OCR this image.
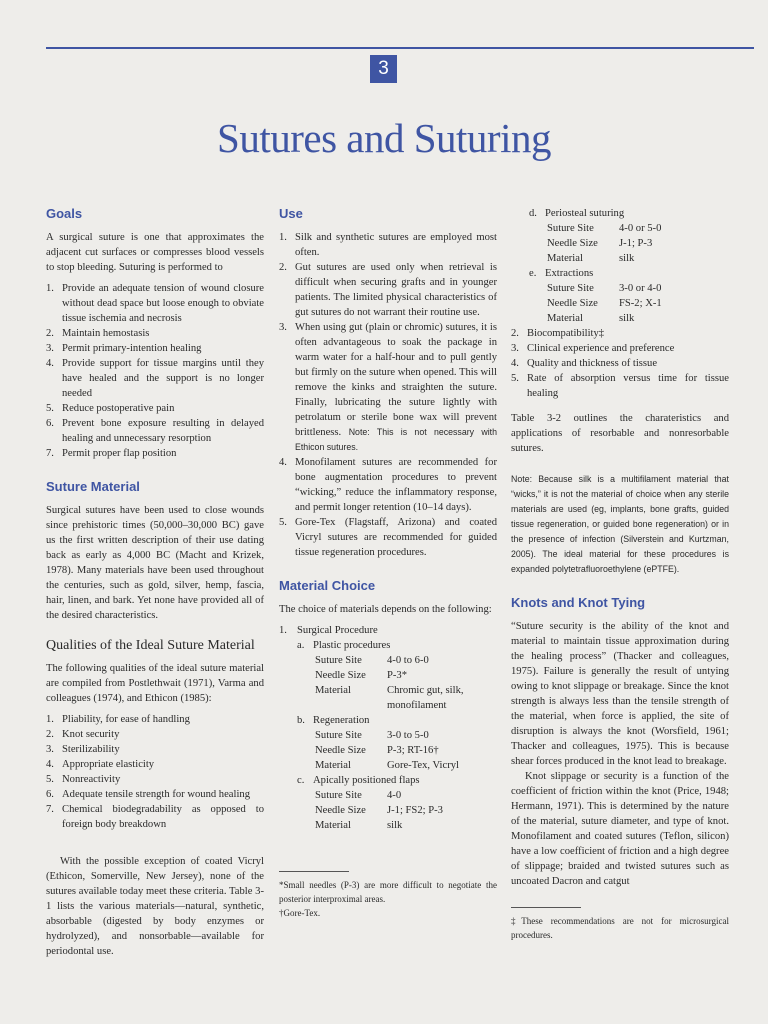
3
Sutures and Suturing
Goals

A surgical suture is one that approximates the adjacent cut surfaces or compresses blood vessels to stop bleeding. Suturing is performed to

1. Provide an adequate tension of wound closure without dead space but loose enough to obviate tissue ischemia and necrosis
2. Maintain hemostasis
3. Permit primary-intention healing
4. Provide support for tissue margins until they have healed and the support is no longer needed
5. Reduce postoperative pain
6. Prevent bone exposure resulting in delayed healing and unnecessary resorption
7. Permit proper flap position
Suture Material

Surgical sutures have been used to close wounds since prehistoric times (50,000–30,000 BC) gave us the first written description of their use dating back as early as 4,000 BC (Macht and Krizek, 1978). Many materials have been used throughout the centuries, such as gold, silver, hemp, fascia, hair, linen, and bark. Yet none have provided all of the desired characteristics.

Qualities of the Ideal Suture Material

The following qualities of the ideal suture material are compiled from Postlethwait (1971), Varma and colleagues (1974), and Ethicon (1985):

1. Pliability, for ease of handling
2. Knot security
3. Sterilizability
4. Appropriate elasticity
5. Nonreactivity
6. Adequate tensile strength for wound healing
7. Chemical biodegradability as opposed to foreign body breakdown

With the possible exception of coated Vicryl (Ethicon, Somerville, New Jersey), none of the sutures available today meet these criteria. Table 3-1 lists the various materials—natural, synthetic, absorbable (digested by body enzymes or hydrolyzed), and nonsorbable—available for periodontal use.

Use
1. Silk and synthetic sutures are employed most often.
2. Gut sutures are used only when retrieval is difficult when securing grafts and in younger patients. The limited physical characteristics of gut sutures do not warrant their routine use.
3. When using gut (plain or chromic) sutures, it is often advantageous to soak the package in warm water for a half-hour and to pull gently but firmly on the suture when opened. This will remove the kinks and straighten the suture. Finally, lubricating the suture lightly with petrolatum or sterile bone wax will prevent brittleness. Note: This is not necessary with Ethicon sutures.
4. Monofilament sutures are recommended for bone augmentation procedures to prevent “wicking,” reduce the inflammatory response, and permit longer retention (10–14 days).
5. Gore-Tex (Flagstaff, Arizona) and coated Vicryl sutures are recommended for guided tissue regeneration procedures.
Material Choice

The choice of materials depends on the following:

1. Surgical Procedure
a. Plastic procedures
Suture Site	4-0 to 6-0
Needle Size	P-3*
Material	Chromic gut, silk, monofilament
b. Regeneration
Suture Site	3-0 to 5-0
Needle Size	P-3; RT-16†
Material	Gore-Tex, Vicryl
c. Apically positioned flaps
Suture Site	4-0
Needle Size	J-1; FS2; P-3
Material	silk

*Small needles (P-3) are more difficult to negotiate the posterior interproximal areas.

†Gore-Tex.

d. Periosteal suturing
Suture Site	4-0 or 5-0
Needle Size	J-1; P-3
Material	silk
e. Extractions
Suture Site	3-0 or 4-0
Needle Size	FS-2; X-1
Material	silk
2. Biocompatibility‡
3. Clinical experience and preference
4. Quality and thickness of tissue
5. Rate of absorption versus time for tissue healing

Table 3-2 outlines the charateristics and applications of resorbable and nonresorbable sutures.

Note: Because silk is a multifilament material that “wicks,” it is not the material of choice when any sterile materials are used (eg, implants, bone grafts, guided tissue regeneration, or guided bone regeneration) or in the presence of infection (Silverstein and Kurtzman, 2005). The ideal material for these procedures is expanded polytetrafluoroethylene (ePTFE).

Knots and Knot Tying

“Suture security is the ability of the knot and material to maintain tissue approximation during the healing process” (Thacker and colleagues, 1975). Failure is generally the result of untying owing to knot slippage or breakage. Since the knot strength is always less than the tensile strength of the material, when force is applied, the site of disruption is always the knot (Worsfield, 1961; Thacker and colleagues, 1975). This is because shear forces produced in the knot lead to breakage.

Knot slippage or security is a function of the coefficient of friction within the knot (Price, 1948; Hermann, 1971). This is determined by the nature of the material, suture diameter, and type of knot. Monofilament and coated sutures (Teflon, silicon) have a low coefficient of friction and a high degree of slippage; braided and twisted sutures such as uncoated Dacron and catgut

‡These recommendations are not for microsurgical procedures.
